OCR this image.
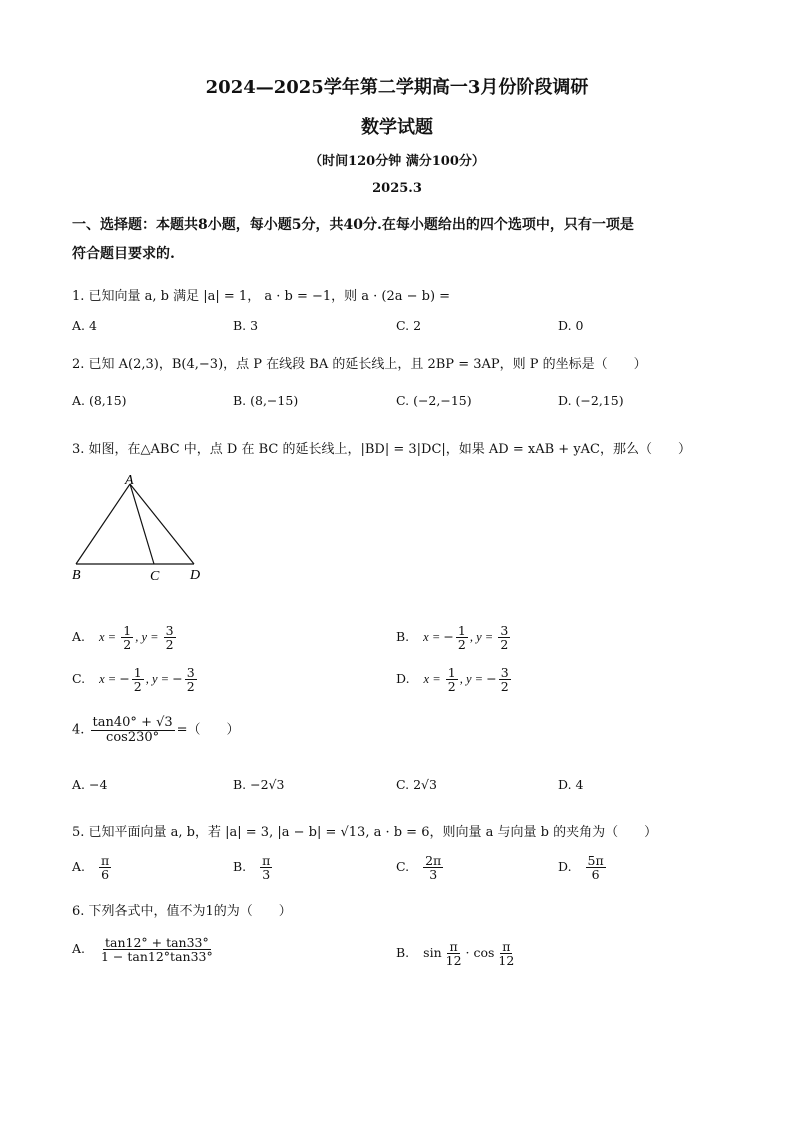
2024—2025学年第二学期高一3月份阶段调研
数学试题
（时间120分钟 满分100分）
2025.3
一、选择题：本题共8小题，每小题5分，共40分.在每小题给出的四个选项中，只有一项是
符合题目要求的.
1. 已知向量 a, b 满足 |a| = 1， a · b = −1，则 a · (2a − b) =
A. 4	B. 3	C. 2	D. 0
2. 已知 A(2,3)，B(4,−3)，点 P 在线段 BA 的延长线上，且 2BP = 3AP，则 P 的坐标是（　　）
A. (8,15)	B. (8,−15)	C. (−2,−15)	D. (−2,15)
3. 如图，在△ABC 中，点 D 在 BC 的延长线上，|BD| = 3|DC|，如果 AD = xAB + yAC，那么（　　）
A
B	C D
A. $x = \frac{1}{2}$ , $y = \frac{3}{2}$	B. x = − $\frac{1}{2}$ , $y = \frac{3}{2}$
C. x = − $\frac{1}{2}$ , y = − $\frac{3}{2}$	D. $x = \frac{1}{2}$ , y = − $\frac{3}{2}$
4. $\frac{\tan 40^\circ + √3}{\cos 230^\circ}$ =（　　）
A. −4	B. −2√3	C. 2√3	D. 4
5. 已知平面向量 a, b，若 |a| = 3, |a − b| = √13, a · b = 6，则向量 a 与向量 b 的夹角为（　　）
A. $\frac{\pi}{6}$	B. $\frac{\pi}{3}$	C. $\frac{2\pi}{3}$	D. $\frac{5\pi}{6}$
6. 下列各式中，值不为1的为（　　）
A. $\frac{\tan 12^\circ + \tan 33^\circ}{1 - \tan 12^\circ\tan 33^\circ}$	B. $\sin \frac{\pi}{12} \cdot \cos \frac{\pi}{12}$
